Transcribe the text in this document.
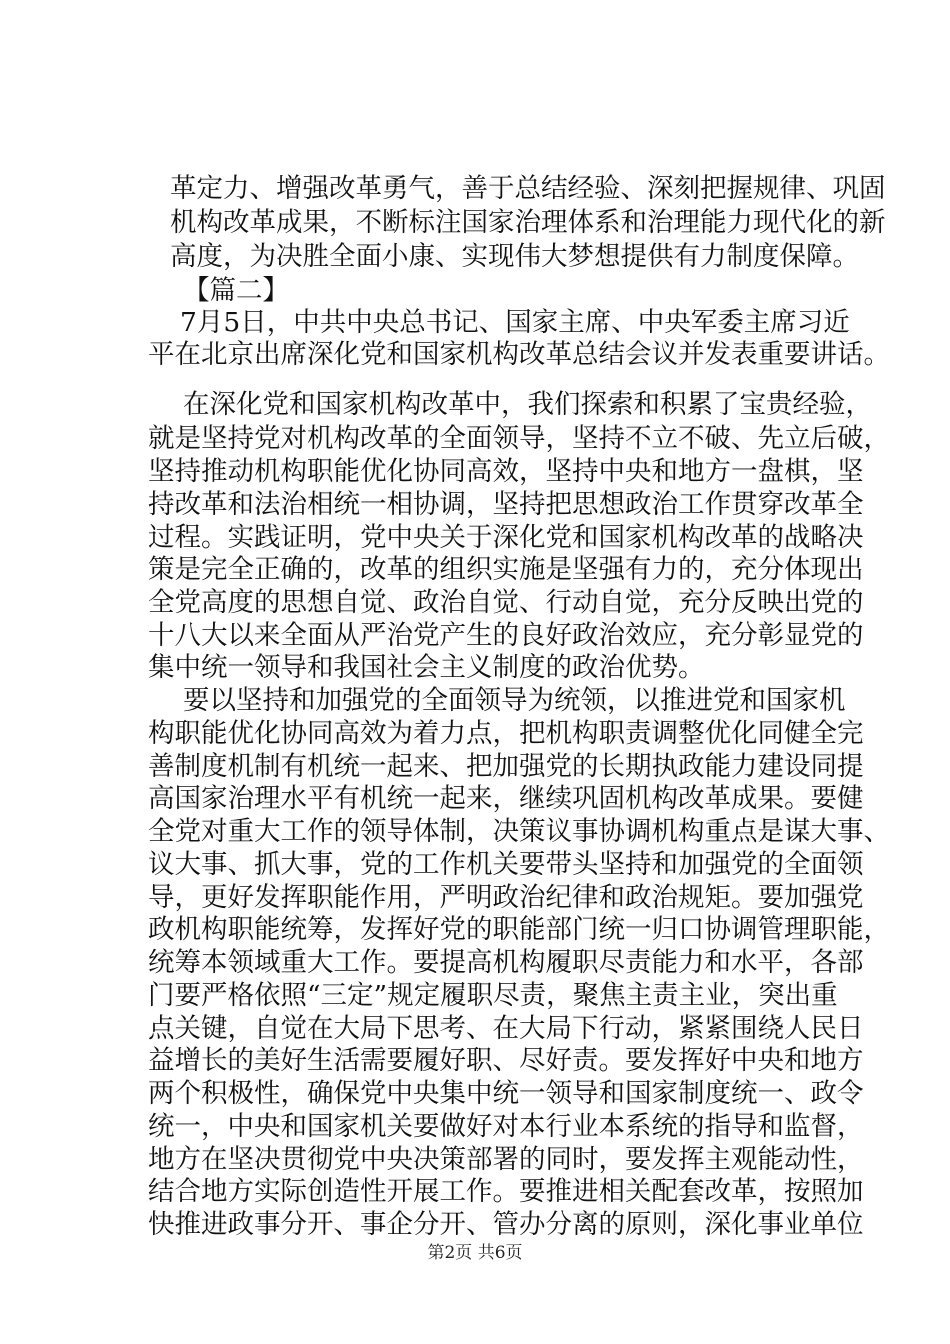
革定力、增强改革勇气，善于总结经验、深刻把握规律、巩固

机构改革成果，不断标注国家治理体系和治理能力现代化的新

高度，为决胜全面小康、实现伟大梦想提供有力制度保障。

【篇二】

7月5日，中共中央总书记、国家主席、中央军委主席习近

平在北京出席深化党和国家机构改革总结会议并发表重要讲话。

在深化党和国家机构改革中，我们探索和积累了宝贵经验，

就是坚持党对机构改革的全面领导，坚持不立不破、先立后破，

坚持推动机构职能优化协同高效，坚持中央和地方一盘棋，坚

持改革和法治相统一相协调，坚持把思想政治工作贯穿改革全

过程。实践证明，党中央关于深化党和国家机构改革的战略决

策是完全正确的，改革的组织实施是坚强有力的，充分体现出

全党高度的思想自觉、政治自觉、行动自觉，充分反映出党的

十八大以来全面从严治党产生的良好政治效应，充分彰显党的

集中统一领导和我国社会主义制度的政治优势。

要以坚持和加强党的全面领导为统领，以推进党和国家机

构职能优化协同高效为着力点，把机构职责调整优化同健全完

善制度机制有机统一起来、把加强党的长期执政能力建设同提

高国家治理水平有机统一起来，继续巩固机构改革成果。要健

全党对重大工作的领导体制，决策议事协调机构重点是谋大事、

议大事、抓大事，党的工作机关要带头坚持和加强党的全面领

导，更好发挥职能作用，严明政治纪律和政治规矩。要加强党

政机构职能统筹，发挥好党的职能部门统一归口协调管理职能，

统筹本领域重大工作。要提高机构履职尽责能力和水平，各部

门要严格依照“三定”规定履职尽责，聚焦主责主业，突出重

点关键，自觉在大局下思考、在大局下行动，紧紧围绕人民日

益增长的美好生活需要履好职、尽好责。要发挥好中央和地方

两个积极性，确保党中央集中统一领导和国家制度统一、政令

统一，中央和国家机关要做好对本行业本系统的指导和监督，

地方在坚决贯彻党中央决策部署的同时，要发挥主观能动性，

结合地方实际创造性开展工作。要推进相关配套改革，按照加

快推进政事分开、事企分开、管办分离的原则，深化事业单位

第2页 共6页
